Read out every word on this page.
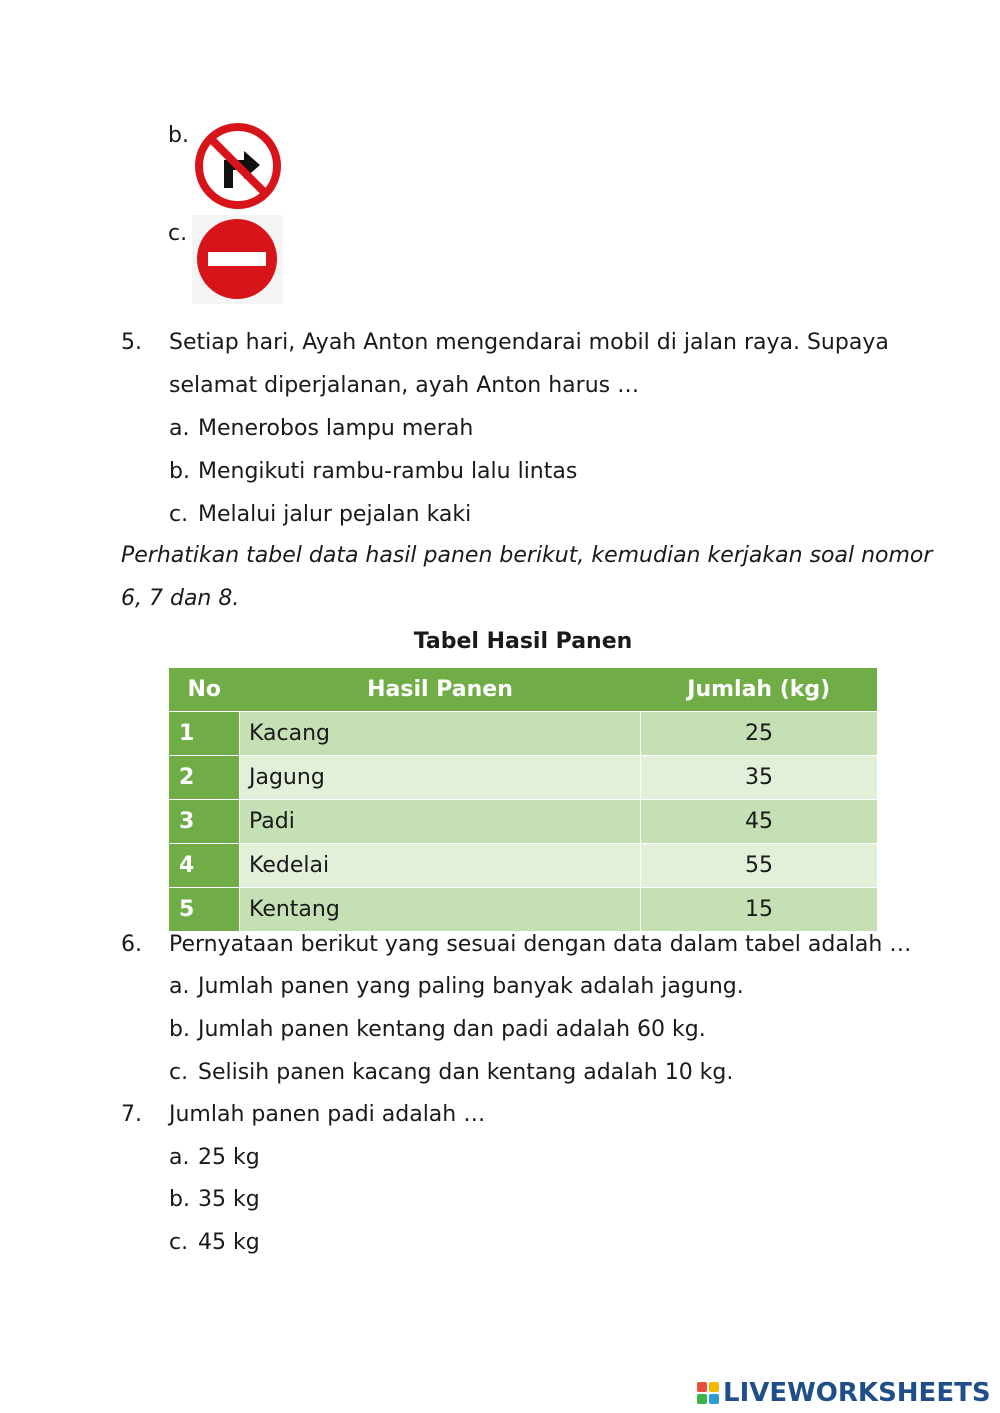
b.
c.
5. Setiap hari, Ayah Anton mengendarai mobil di jalan raya. Supaya
selamat diperjalanan, ayah Anton harus …
a. Menerobos lampu merah
b. Mengikuti rambu-rambu lalu lintas
c. Melalui jalur pejalan kaki
Perhatikan tabel data hasil panen berikut, kemudian kerjakan soal nomor
6, 7 dan 8.
Tabel Hasil Panen
No	Hasil Panen	Jumlah (kg)
1	Kacang	25
2	Jagung	35
3	Padi	45
4	Kedelai	55
5	Kentang	15
6. Pernyataan berikut yang sesuai dengan data dalam tabel adalah …
a. Jumlah panen yang paling banyak adalah jagung.
b. Jumlah panen kentang dan padi adalah 60 kg.
c. Selisih panen kacang dan kentang adalah 10 kg.
7. Jumlah panen padi adalah …
a. 25 kg
b. 35 kg
c. 45 kg
LIVEWORKSHEETS
